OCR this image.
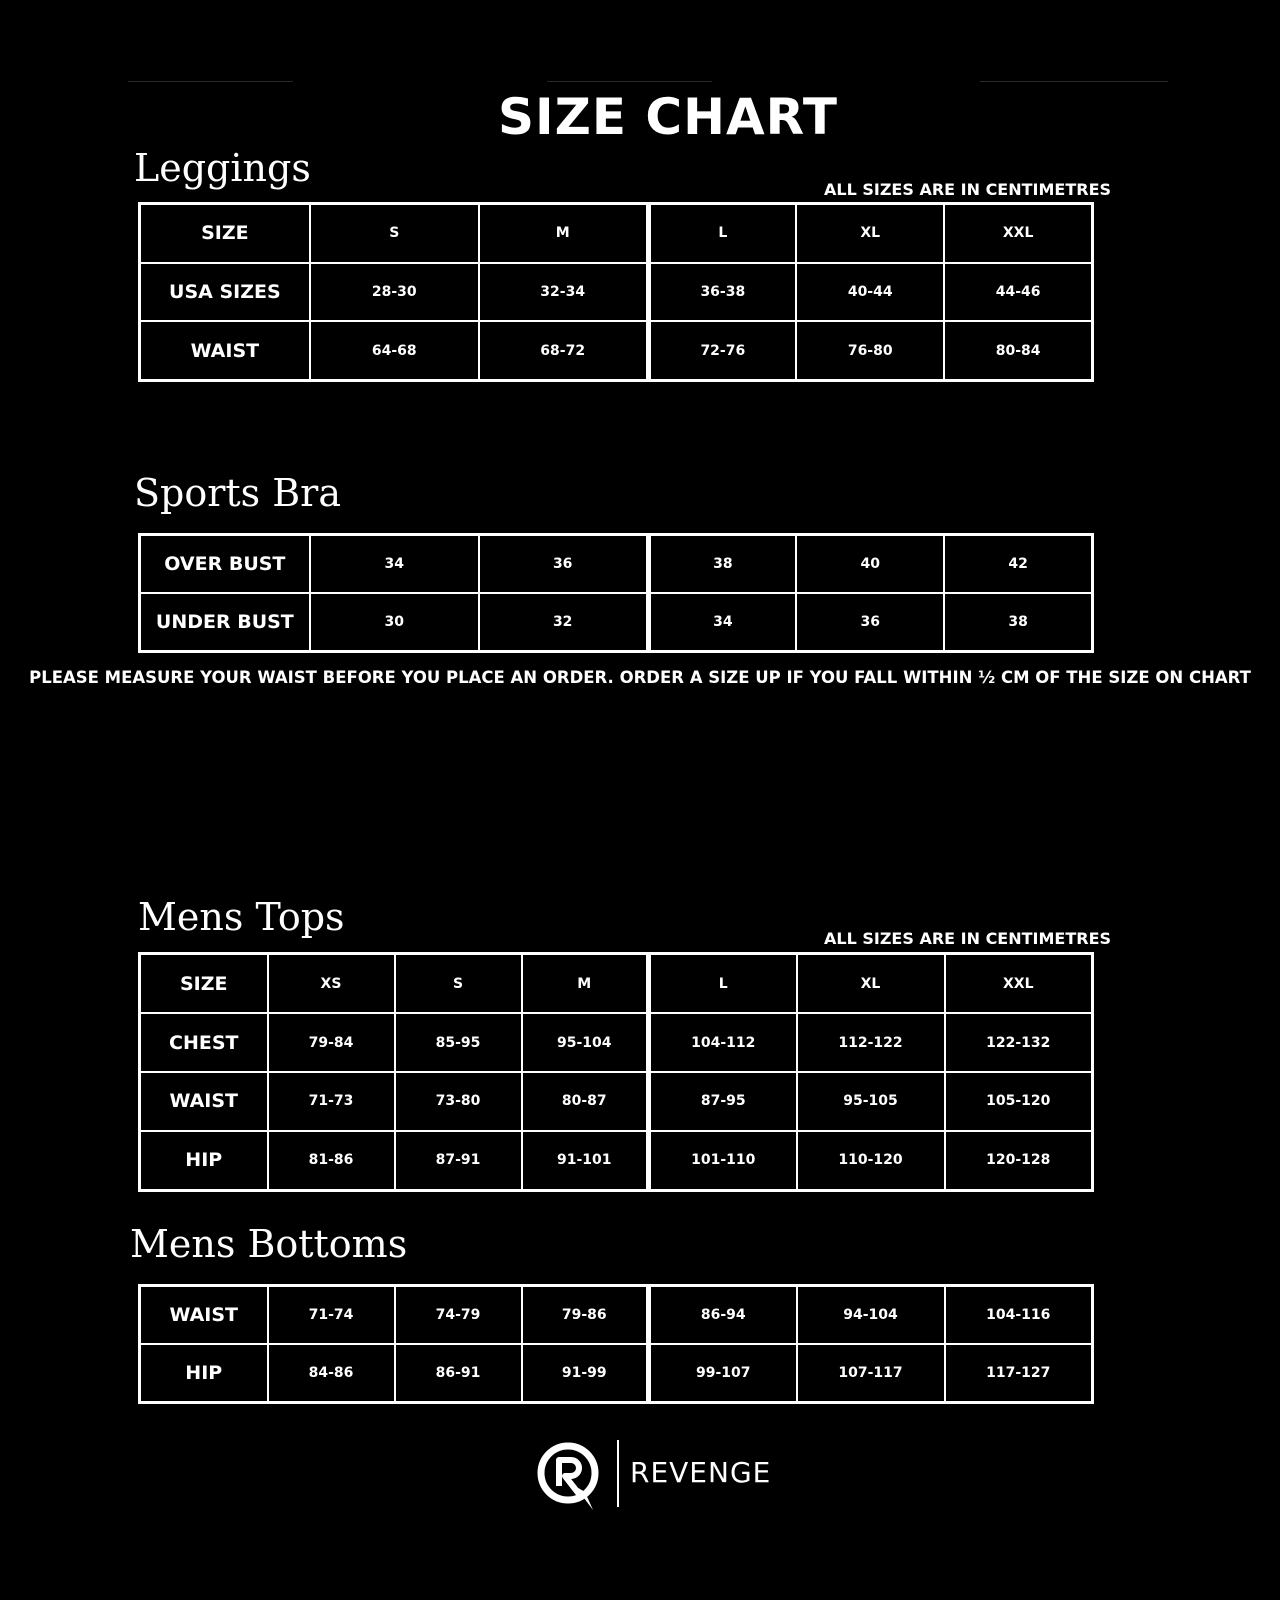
SIZE CHART
Leggings	ALL SIZES ARE IN CENTIMETRES
SIZE	S	M	L	XL	XXL
USA SIZES	28-30	32-34	36-38	40-44	44-46
WAIST	64-68	68-72	72-76	76-80	80-84
Sports Bra
OVER BUST	34	36	38	40	42
UNDER BUST	30	32	34	36	38
PLEASE MEASURE YOUR WAIST BEFORE YOU PLACE AN ORDER. ORDER A SIZE UP IF YOU FALL WITHIN ½ CM OF THE SIZE ON CHART
Mens Tops	ALL SIZES ARE IN CENTIMETRES
SIZE	XS	S	M	L	XL	XXL
CHEST	79-84	85-95	95-104	104-112	112-122	122-132
WAIST	71-73	73-80	80-87	87-95	95-105	105-120
HIP	81-86	87-91	91-101	101-110	110-120	120-128
Mens Bottoms
WAIST	71-74	74-79	79-86	86-94	94-104	104-116
HIP	84-86	86-91	91-99	99-107	107-117	117-127
REVENGE
